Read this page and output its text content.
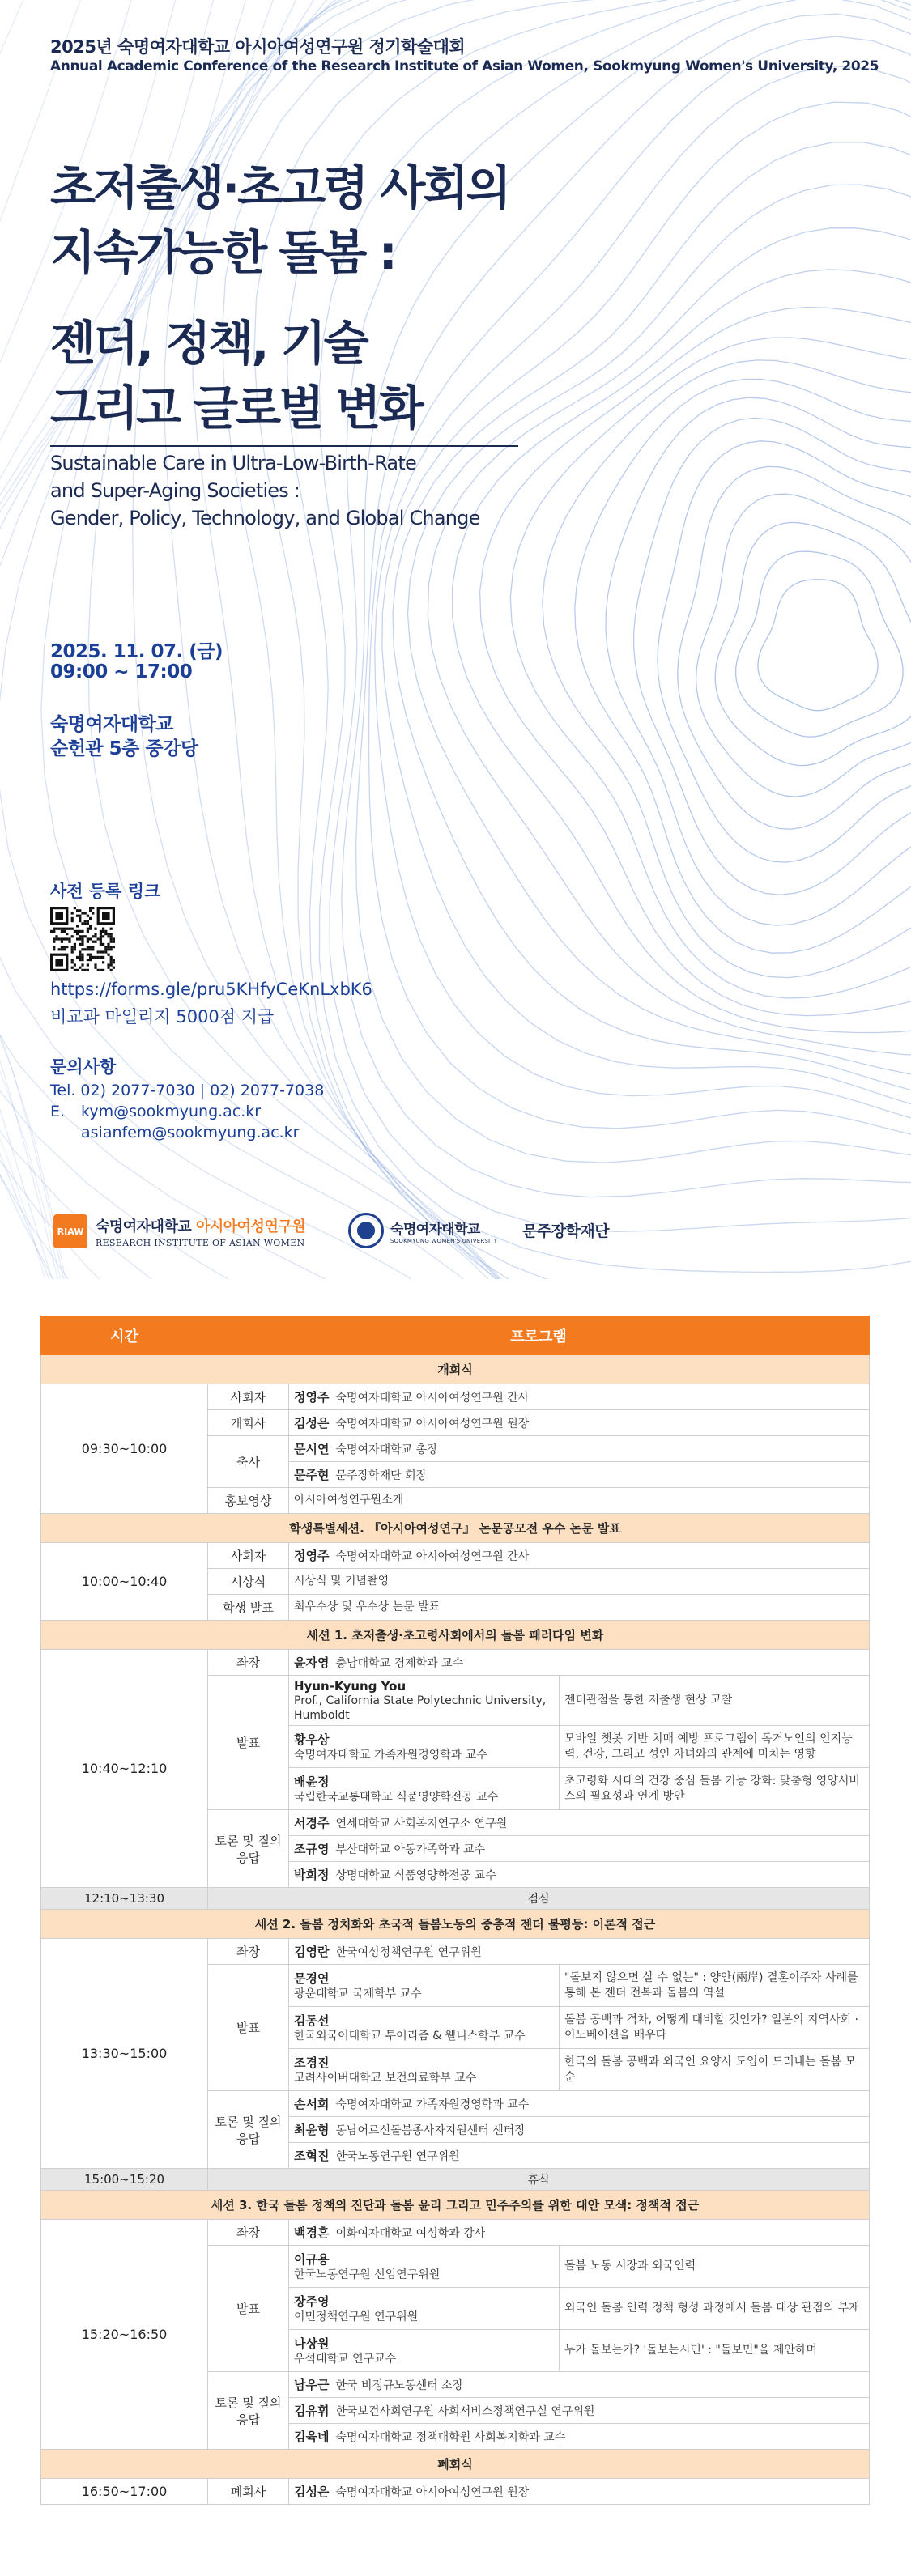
2025년 숙명여자대학교 아시아여성연구원 정기학술대회
Annual Academic Conference of the Research Institute of Asian Women, Sookmyung Women's University, 2025
초저출생·초고령 사회의
지속가능한 돌봄 :
젠더, 정책, 기술
그리고 글로벌 변화
Sustainable Care in Ultra-Low-Birth-Rate
and Super-Aging Societies :
Gender, Policy, Technology, and Global Change
2025. 11. 07. (금)
09:00 ~ 17:00
숙명여자대학교
순헌관 5층 중강당
사전 등록 링크
https://forms.gle/pru5KHfyCeKnLxbK6
비교과 마일리지 5000점 지급
문의사항
Tel. 02) 2077-7030 | 02) 2077-7038
E. kym@sookmyung.ac.kr
asianfem@sookmyung.ac.kr
RIAW 숙명여자대학교 아시아여성연구원
RESEARCH INSTITUTE OF ASIAN WOMEN
숙명여자대학교
SOOKMYUNG WOMEN'S UNIVERSITY
문주장학재단
시간	프로그램		
개회식			
09:30~10:00	사회자	정영주 숙명여자대학교 아시아여성연구원 간사	

	개회사	김성은 숙명여자대학교 아시아여성연구원 원장	

	축사	문시연 숙명여자대학교 총장	

		문주현 문주장학재단 회장	

	홍보영상	아시아여성연구원소개	
학생특별세션. 『아시아여성연구』 논문공모전 우수 논문 발표			
10:00~10:40	사회자	정영주 숙명여자대학교 아시아여성연구원 간사	

	시상식	시상식 및 기념촬영	
	학생 발표	최우수상 및 우수상 논문 발표	
세션 1. 초저출생·초고령사회에서의 돌봄 패러다임 변화			
10:40~12:10	좌장	윤자영 충남대학교 경제학과 교수	

	발표	Hyun-Kyung You
Prof., California State Polytechnic University, Humboldt	젠더관점을 통한 저출생 현상 고찰

		황우상
숙명여자대학교 가족자원경영학과 교수	모바일 챗봇 기반 치매 예방 프로그램이 독거노인의 인지능력, 건강, 그리고 성인 자녀와의 관계에 미치는 영향

		배윤정
국립한국교통대학교 식품영양학전공 교수	초고령화 시대의 건강 중심 돌봄 기능 강화: 맞춤형 영양서비스의 필요성과 연계 방안
	토론 및 질의응답	서경주 연세대학교 사회복지연구소 연구원	

		조규영 부산대학교 아동가족학과 교수	

		박희정 상명대학교 식품영양학전공 교수	

12:10~13:30	점심		
세션 2. 돌봄 정치화와 초국적 돌봄노동의 중층적 젠더 불평등: 이론적 접근			
13:30~15:00	좌장	김영란 한국여성정책연구원 연구위원	

	발표	문경연
광운대학교 국제학부 교수	"돌보지 않으면 살 수 없는" : 양안(兩岸) 결혼이주자 사례를 통해 본 젠더 전복과 돌봄의 역설

		김동선
한국외국어대학교 투어리즘 & 웰니스학부 교수	돌봄 공백과 격차, 어떻게 대비할 것인가? 일본의 지역사회 · 이노베이션을 배우다

		조경진
고려사이버대학교 보건의료학부 교수	한국의 돌봄 공백과 외국인 요양사 도입이 드러내는 돌봄 모순
	토론 및 질의응답	손서희 숙명여자대학교 가족자원경영학과 교수	

		최윤형 동남어르신돌봄종사자지원센터 센터장	

		조혁진 한국노동연구원 연구위원	

15:00~15:20	휴식		
세션 3. 한국 돌봄 정책의 진단과 돌봄 윤리 그리고 민주주의를 위한 대안 모색: 정책적 접근			
15:20~16:50	좌장	백경흔 이화여자대학교 여성학과 강사	

	발표	이규용
한국노동연구원 선임연구위원	돌봄 노동 시장과 외국인력

		장주영
이민정책연구원 연구위원	외국인 돌봄 인력 정책 형성 과정에서 돌봄 대상 관점의 부재

		나상원
우석대학교 연구교수	누가 돌보는가? '돌보는시민' : "돌보민"을 제안하며
	토론 및 질의응답	남우근 한국 비정규노동센터 소장	

		김유휘 한국보건사회연구원 사회서비스정책연구실 연구위원	

		김육네 숙명여자대학교 정책대학원 사회복지학과 교수	

폐회식			
16:50~17:00	폐회사	김성은 숙명여자대학교 아시아여성연구원 원장	
